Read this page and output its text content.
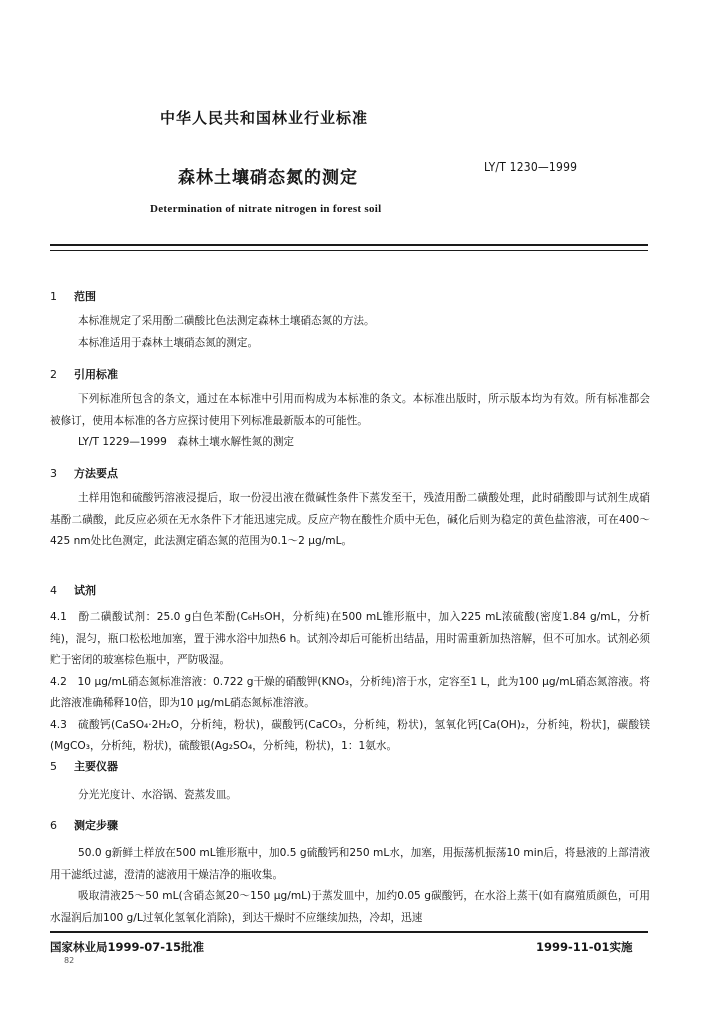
中华人民共和国林业行业标准
森林土壤硝态氮的测定
LY/T 1230—1999
Determination of nitrate nitrogen in forest soil
1 范围
本标准规定了采用酚二磺酸比色法测定森林土壤硝态氮的方法。
本标准适用于森林土壤硝态氮的测定。
2 引用标准
下列标准所包含的条文，通过在本标准中引用而构成为本标准的条文。本标准出版时，所示版本均为有效。所有标准都会被修订，使用本标准的各方应探讨使用下列标准最新版本的可能性。
LY/T 1229—1999　森林土壤水解性氮的测定
3 方法要点
土样用饱和硫酸钙溶液浸提后，取一份浸出液在微碱性条件下蒸发至干，残渣用酚二磺酸处理，此时硝酸即与试剂生成硝基酚二磺酸，此反应必须在无水条件下才能迅速完成。反应产物在酸性介质中无色，碱化后则为稳定的黄色盐溶液，可在400～425 nm处比色测定，此法测定硝态氮的范围为0.1～2 μg/mL。
4 试剂
4.1　酚二磺酸试剂：25.0 g白色苯酚(C₆H₅OH，分析纯)在500 mL锥形瓶中，加入225 mL浓硫酸(密度1.84 g/mL，分析纯)，混匀，瓶口松松地加塞，置于沸水浴中加热6 h。试剂冷却后可能析出结晶，用时需重新加热溶解，但不可加水。试剂必须贮于密闭的玻塞棕色瓶中，严防吸湿。
4.2　10 μg/mL硝态氮标准溶液：0.722 g干燥的硝酸钾(KNO₃，分析纯)溶于水，定容至1 L，此为100 μg/mL硝态氮溶液。将此溶液准确稀释10倍，即为10 μg/mL硝态氮标准溶液。
4.3　硫酸钙(CaSO₄·2H₂O，分析纯，粉状)，碳酸钙(CaCO₃，分析纯，粉状)，氢氧化钙[Ca(OH)₂，分析纯，粉状]，碳酸镁(MgCO₃，分析纯，粉状)，硫酸银(Ag₂SO₄，分析纯，粉状)，1：1氨水。
5 主要仪器
分光光度计、水浴锅、瓷蒸发皿。
6 测定步骤
50.0 g新鲜土样放在500 mL锥形瓶中，加0.5 g硫酸钙和250 mL水，加塞，用振荡机振荡10 min后，将悬液的上部清液用干滤纸过滤，澄清的滤液用干燥洁净的瓶收集。
吸取清液25～50 mL(含硝态氮20～150 μg/mL)于蒸发皿中，加约0.05 g碳酸钙，在水浴上蒸干(如有腐殖质颜色，可用水湿润后加100 g/L过氧化氢氧化消除)，到达干燥时不应继续加热，冷却，迅速
国家林业局1999-07-15批准	1999-11-01实施
82
